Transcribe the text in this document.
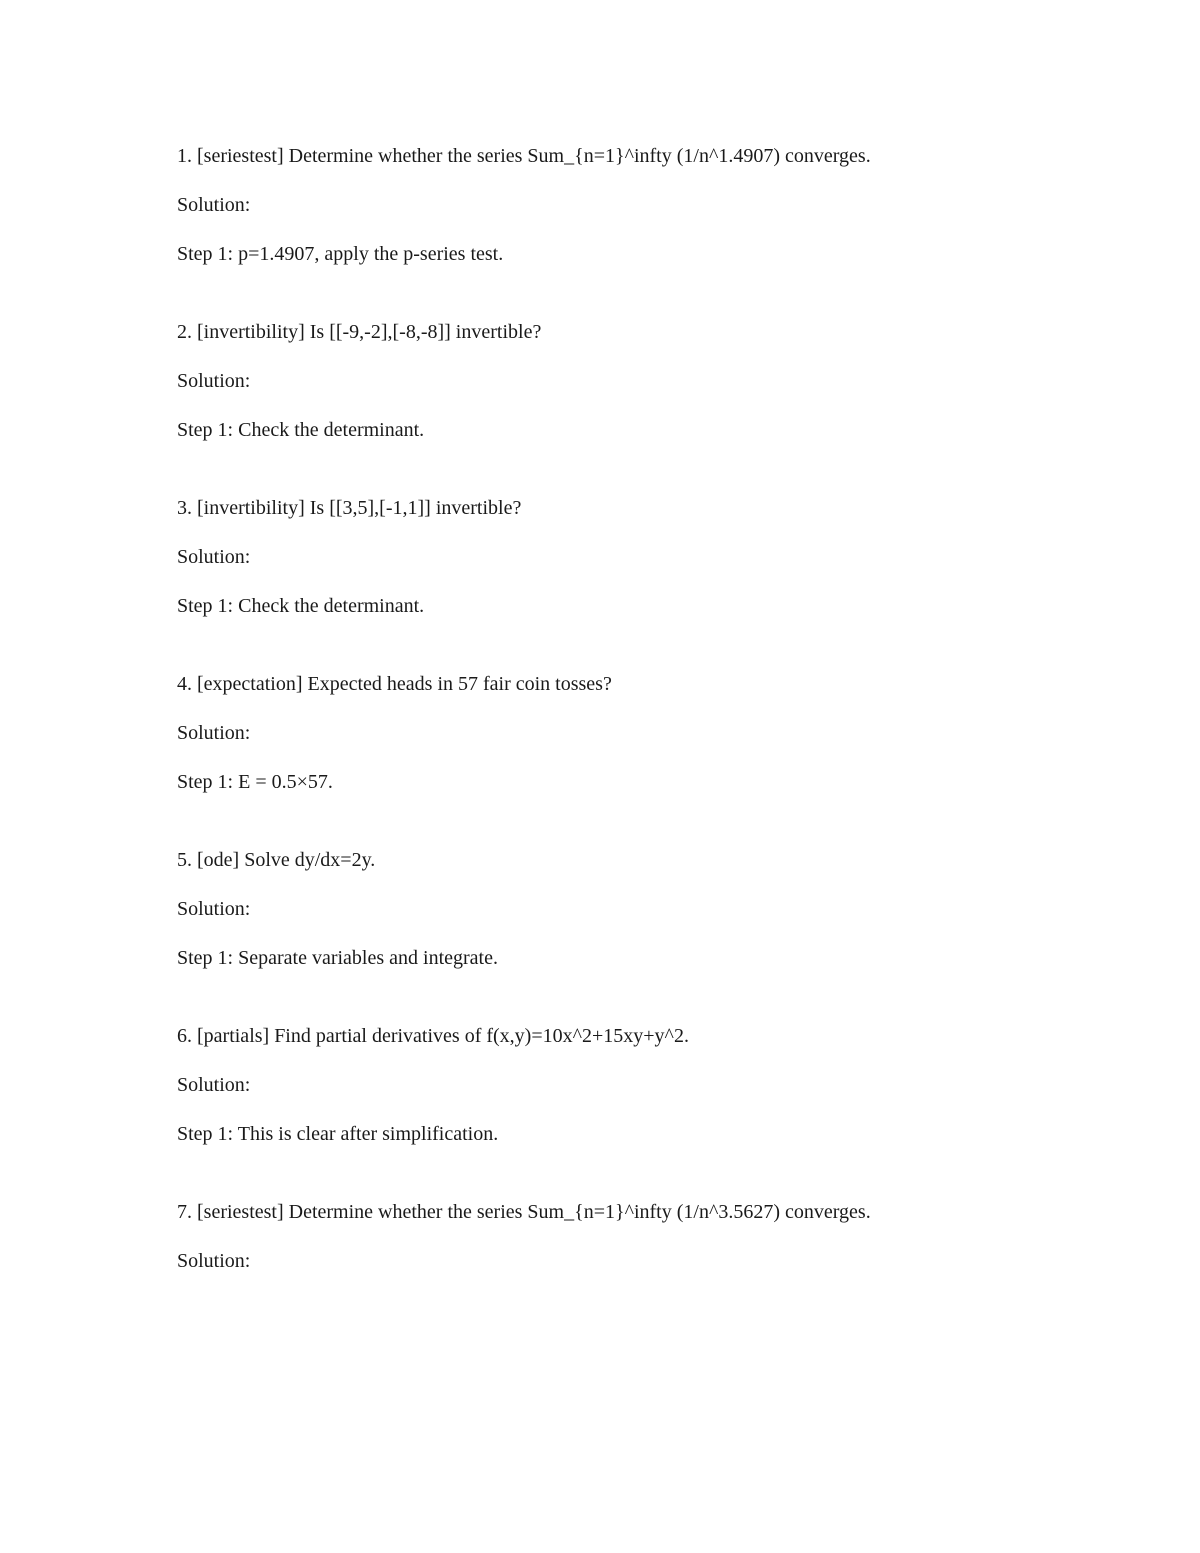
1. [seriestest] Determine whether the series Sum_{n=1}^infty (1/n^1.4907) converges.
Solution:
Step 1: p=1.4907, apply the p-series test.
2. [invertibility] Is [[-9,-2],[-8,-8]] invertible?
Solution:
Step 1: Check the determinant.
3. [invertibility] Is [[3,5],[-1,1]] invertible?
Solution:
Step 1: Check the determinant.
4. [expectation] Expected heads in 57 fair coin tosses?
Solution:
Step 1: E = 0.5×57.
5. [ode] Solve dy/dx=2y.
Solution:
Step 1: Separate variables and integrate.
6. [partials] Find partial derivatives of f(x,y)=10x^2+15xy+y^2.
Solution:
Step 1: This is clear after simplification.
7. [seriestest] Determine whether the series Sum_{n=1}^infty (1/n^3.5627) converges.
Solution:
